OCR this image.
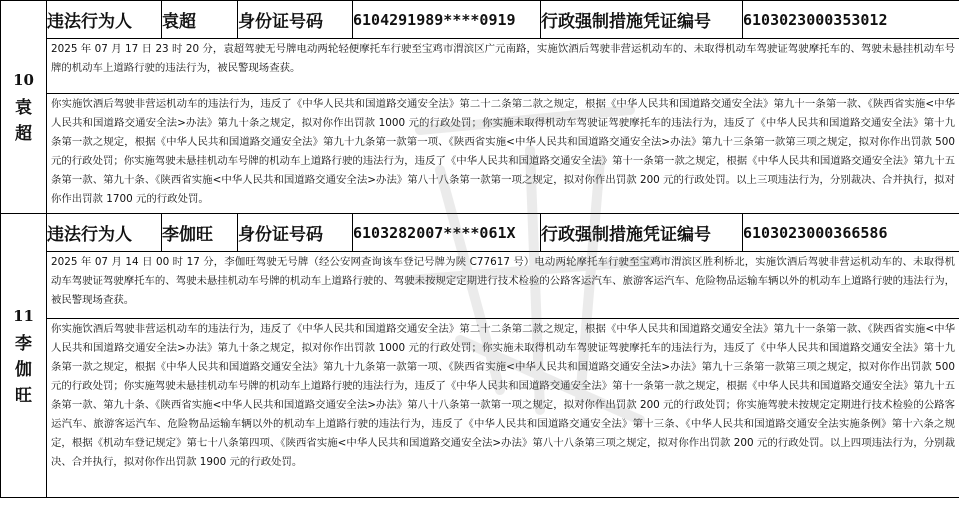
10
袁
超	违法行为人	袁超	身份证号码	6104291989****0919	行政强制措施凭证编号	6103023000353012
	2025 年 07 月 17 日 23 时 20 分，袁超驾驶无号牌电动两轮轻便摩托车行驶至宝鸡市渭滨区广元南路，实施饮酒后驾驶非营运机动车的、未取得机动车驾驶证驾驶摩托车的、驾驶未悬挂机动车号牌的机动车上道路行驶的违法行为，被民警现场查获。					
	你实施饮酒后驾驶非营运机动车的违法行为，违反了《中华人民共和国道路交通安全法》第二十二条第二款之规定，根据《中华人民共和国道路交通安全法》第九十一条第一款、《陕西省实施<中华人民共和国道路交通安全法>办法》第九十条之规定，拟对你作出罚款 1000 元的行政处罚；你实施未取得机动车驾驶证驾驶摩托车的违法行为，违反了《中华人民共和国道路交通安全法》第十九条第一款之规定，根据《中华人民共和国道路交通安全法》第九十九条第一款第一项、《陕西省实施<中华人民共和国道路交通安全法>办法》第九十三条第一款第三项之规定，拟对你作出罚款 500 元的行政处罚；你实施驾驶未悬挂机动车号牌的机动车上道路行驶的违法行为，违反了《中华人民共和国道路交通安全法》第十一条第一款之规定，根据《中华人民共和国道路交通安全法》第九十五条第一款、第九十条、《陕西省实施<中华人民共和国道路交通安全法>办法》第八十八条第一款第一项之规定，拟对你作出罚款 200 元的行政处罚。以上三项违法行为，分别裁决、合并执行，拟对你作出罚款 1700 元的行政处罚。					

11
李
伽
旺	违法行为人	李伽旺	身份证号码	6103282007****061X	行政强制措施凭证编号	6103023000366586
	2025 年 07 月 14 日 00 时 17 分，李伽旺驾驶无号牌（经公安网查询该车登记号牌为陕 C77617 号）电动两轮摩托车行驶至宝鸡市渭滨区胜利桥北，实施饮酒后驾驶非营运机动车的、未取得机动车驾驶证驾驶摩托车的、驾驶未悬挂机动车号牌的机动车上道路行驶的、驾驶未按规定定期进行技术检验的公路客运汽车、旅游客运汽车、危险物品运输车辆以外的机动车上道路行驶的违法行为，被民警现场查获。					
	你实施饮酒后驾驶非营运机动车的违法行为，违反了《中华人民共和国道路交通安全法》第二十二条第二款之规定，根据《中华人民共和国道路交通安全法》第九十一条第一款、《陕西省实施<中华人民共和国道路交通安全法>办法》第九十条之规定，拟对你作出罚款 1000 元的行政处罚；你实施未取得机动车驾驶证驾驶摩托车的违法行为，违反了《中华人民共和国道路交通安全法》第十九条第一款之规定，根据《中华人民共和国道路交通安全法》第九十九条第一款第一项、《陕西省实施<中华人民共和国道路交通安全法>办法》第九十三条第一款第三项之规定，拟对你作出罚款 500 元的行政处罚；你实施驾驶未悬挂机动车号牌的机动车上道路行驶的违法行为，违反了《中华人民共和国道路交通安全法》第十一条第一款之规定，根据《中华人民共和国道路交通安全法》第九十五条第一款、第九十条、《陕西省实施<中华人民共和国道路交通安全法>办法》第八十八条第一款第一项之规定，拟对你作出罚款 200 元的行政处罚；你实施驾驶未按规定定期进行技术检验的公路客运汽车、旅游客运汽车、危险物品运输车辆以外的机动车上道路行驶的违法行为，违反了《中华人民共和国道路交通安全法》第十三条、《中华人民共和国道路交通安全法实施条例》第十六条之规定，根据《机动车登记规定》第七十八条第四项、《陕西省实施<中华人民共和国道路交通安全法>办法》第八十八条第三项之规定，拟对你作出罚款 200 元的行政处罚。以上四项违法行为，分别裁决、合并执行，拟对你作出罚款 1900 元的行政处罚。					
